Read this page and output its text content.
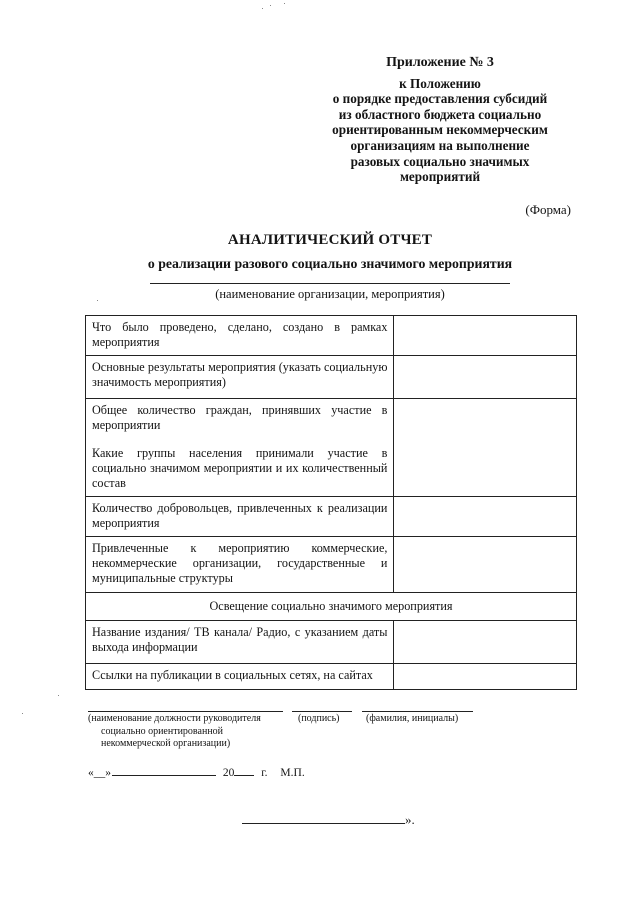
Приложение № 3
к Положению
о порядке предоставления субсидий
из областного бюджета социально
ориентированным некоммерческим
организациям на выполнение
разовых социально значимых
мероприятий
(Форма)
АНАЛИТИЧЕСКИЙ ОТЧЕТ
о реализации разового социально значимого мероприятия
(наименование организации, мероприятия)
Что было проведено, сделано, создано в рамках мероприятия	
Основные результаты мероприятия (указать социальную значимость мероприятия)	

Общее количество граждан, принявших участие в мероприятии
Какие группы населения принимали участие в социально значимом мероприятии и их количественный состав	

Количество добровольцев, привлеченных к реализации мероприятия	
Привлеченные к мероприятию коммерческие, некоммерческие организации, государственные и муниципальные структуры	
Освещение социально значимого мероприятия	
Название издания/ ТВ канала/ Радио, с указанием даты выхода информации	
Ссылки на публикации в социальных сетях, на сайтах	
(наименование должности руководителя
социально ориентированной
некоммерческой организации)
(подпись)	(фамилия, инициалы)
«__»	20 г. М.П.
».
